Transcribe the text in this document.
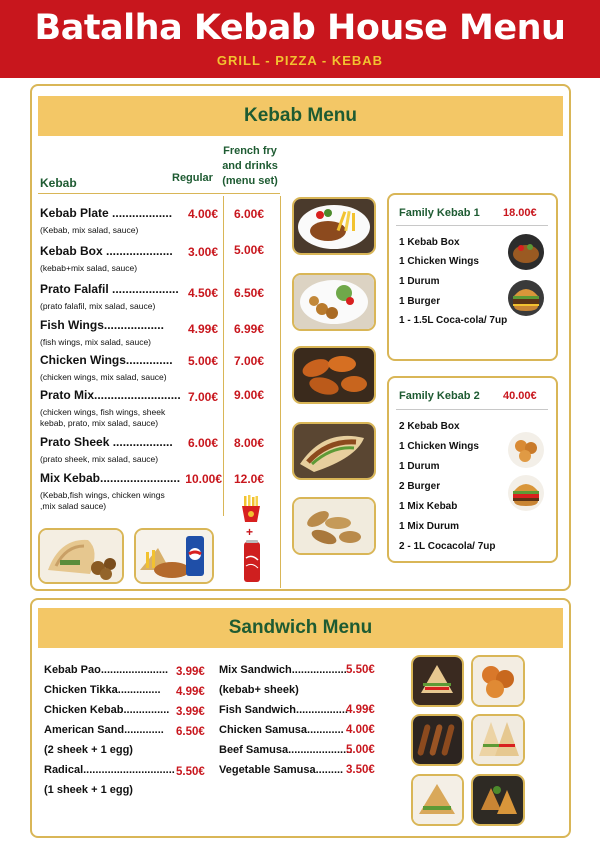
Batalha Kebab House Menu
GRILL - PIZZA - KEBAB
Kebab Menu
Kebab	Regular
French fry
and drinks
(menu set)
Kebab Plate ..................
(Kebab, mix salad, sauce)
4.00€	6.00€
Kebab Box ....................
(kebab+mix salad, sauce)
3.00€	5.00€
Prato Falafil ....................
(prato falafil, mix salad, sauce)
4.50€	6.50€
Fish Wings..................
(fish wings, mix salad, sauce)
4.99€	6.99€
Chicken Wings..............
(chicken wings, mix salad, sauce)
5.00€	7.00€
Prato Mix..........................
(chicken wings, fish wings, sheek
kebab, prato, mix salad, sauce)
7.00€	9.00€
Prato Sheek ..................
(prato sheek, mix salad, sauce)
6.00€	8.00€
Mix Kebab........................
(Kebab,fish wings, chicken wings
,mix salad sauce)
10.00€ 12.0€
+
Family Kebab 1 18.00€
1 Kebab Box
1 Chicken Wings
1 Durum
1 Burger
1 - 1.5L Coca-cola/ 7up
Family Kebab 2 40.00€
2 Kebab Box
1 Chicken Wings
1 Durum
2 Burger
1 Mix Kebab
1 Mix Durum
2 - 1L Cocacola/ 7up
Sandwich Menu
Kebab Pao...................... 3.99€
Chicken Tikka.............. 4.99€
Chicken Kebab............... 3.99€
American Sand............. 6.50€
(2 sheek + 1 egg)
Radical.............................. 5.50€
(1 sheek + 1 egg)
Mix Sandwich.................. 5.50€
(kebab+ sheek)
Fish Sandwich.................
4.99€
Chicken Samusa............ 4.00€
Beef Samusa.....................
5.00€
Vegetable Samusa......... 3.50€
